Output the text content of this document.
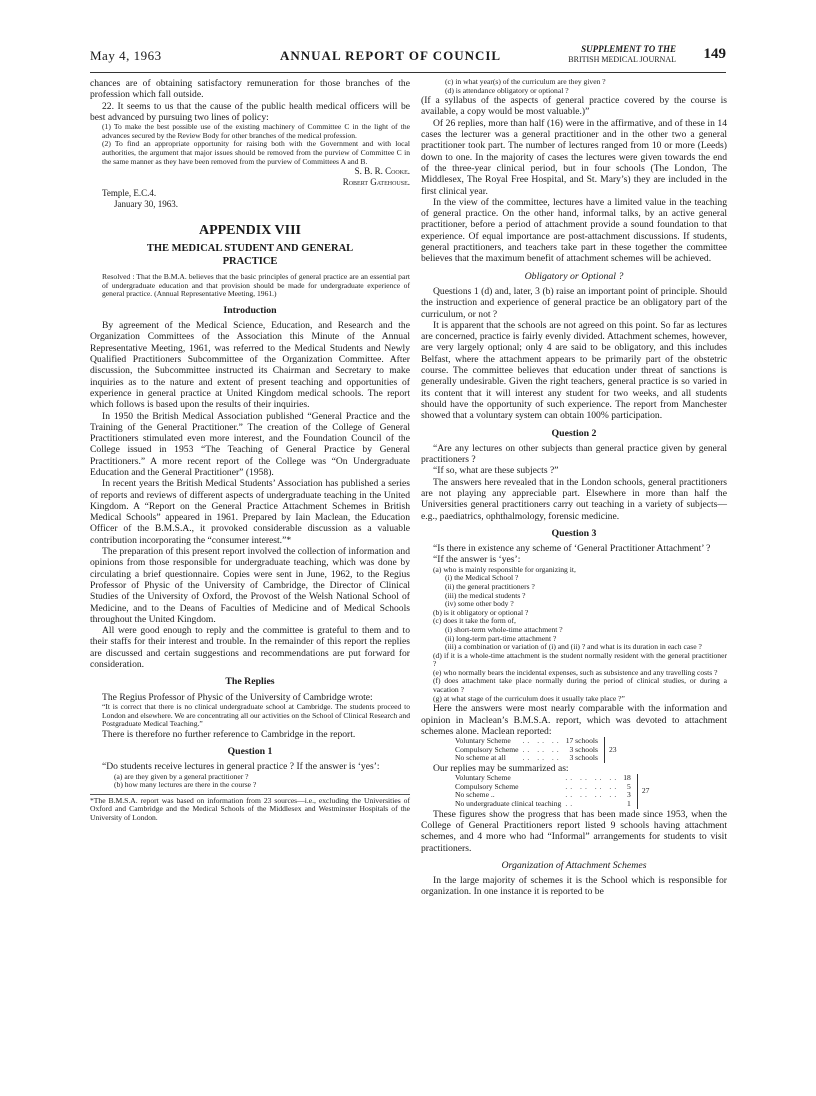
May 4, 1963	ANNUAL REPORT OF COUNCIL	SUPPLEMENT TO THE
BRITISH MEDICAL JOURNAL 149

chances are of obtaining satisfactory remuneration for those branches of the profession which fall outside.

22. It seems to us that the cause of the public health medical officers will be best advanced by pursuing two lines of policy:

(1) To make the best possible use of the existing machinery of Committee C in the light of the advances secured by the Review Body for other branches of the medical profession.

(2) To find an appropriate opportunity for raising both with the Government and with local authorities, the argument that major issues should be removed from the purview of Committee C in the same manner as they have been removed from the purview of Committees A and B.

S. B. R. Cooke.

Robert Gatehouse.

Temple, E.C.4.

January 30, 1963.

APPENDIX VIII
THE MEDICAL STUDENT AND GENERAL
PRACTICE

Resolved : That the B.M.A. believes that the basic principles of general practice are an essential part of undergraduate education and that provision should be made for undergraduate experience of general practice. (Annual Representative Meeting, 1961.)

Introduction

By agreement of the Medical Science, Education, and Research and the Organization Committees of the Association this Minute of the Annual Representative Meeting, 1961, was referred to the Medical Students and Newly Qualified Practitioners Subcommittee of the Organization Committee. After discussion, the Subcommittee instructed its Chairman and Secretary to make inquiries as to the nature and extent of present teaching and opportunities of experience in general practice at United Kingdom medical schools. The report which follows is based upon the results of their inquiries.

In 1950 the British Medical Association published “General Practice and the Training of the General Practitioner.” The creation of the College of General Practitioners stimulated even more interest, and the Foundation Council of the College issued in 1953 “The Teaching of General Practice by General Practitioners.” A more recent report of the College was “On Undergraduate Education and the General Practitioner” (1958).

In recent years the British Medical Students’ Association has published a series of reports and reviews of different aspects of undergraduate teaching in the United Kingdom. A “Report on the General Practice Attachment Schemes in British Medical Schools” appeared in 1961. Prepared by Iain Maclean, the Education Officer of the B.M.S.A., it provoked considerable discussion as a valuable contribution incorporating the “consumer interest.”*

The preparation of this present report involved the collection of information and opinions from those responsible for undergraduate teaching, which was done by circulating a brief questionnaire. Copies were sent in June, 1962, to the Regius Professor of Physic of the University of Cambridge, the Director of Clinical Studies of the University of Oxford, the Provost of the Welsh National School of Medicine, and to the Deans of Faculties of Medicine and of Medical Schools throughout the United Kingdom.

All were good enough to reply and the committee is grateful to them and to their staffs for their interest and trouble. In the remainder of this report the replies are discussed and certain suggestions and recommendations are put forward for consideration.

The Replies

The Regius Professor of Physic of the University of Cambridge wrote:

“It is correct that there is no clinical undergraduate school at Cambridge. The students proceed to London and elsewhere. We are concentrating all our activities on the School of Clinical Research and Postgraduate Medical Teaching.”

There is therefore no further reference to Cambridge in the report.

Question 1

“Do students receive lectures in general practice ? If the answer is ‘yes’:

(a) are they given by a general practitioner ?

(b) how many lectures are there in the course ?

*The B.M.S.A. report was based on information from 23 sources—i.e., excluding the Universities of Oxford and Cambridge and the Medical Schools of the Middlesex and Westminster Hospitals of the University of London.

(c) in what year(s) of the curriculum are they given ?

(d) is attendance obligatory or optional ?

(If a syllabus of the aspects of general practice covered by the course is available, a copy would be most valuable.)”

Of 26 replies, more than half (16) were in the affirmative, and of these in 14 cases the lecturer was a general practitioner and in the other two a general practitioner took part. The number of lectures ranged from 10 or more (Leeds) down to one. In the majority of cases the lectures were given towards the end of the three-year clinical period, but in four schools (The London, The Middlesex, The Royal Free Hospital, and St. Mary’s) they are included in the first clinical year.

In the view of the committee, lectures have a limited value in the teaching of general practice. On the other hand, informal talks, by an active general practitioner, before a period of attachment provide a sound foundation to that experience. Of equal importance are post-attachment discussions. If students, general practitioners, and teachers take part in these together the committee believes that the maximum benefit of attachment schemes will be achieved.

Obligatory or Optional ?

Questions 1 (d) and, later, 3 (b) raise an important point of principle. Should the instruction and experience of general practice be an obligatory part of the curriculum, or not ?

It is apparent that the schools are not agreed on this point. So far as lectures are concerned, practice is fairly evenly divided. Attachment schemes, however, are very largely optional; only 4 are said to be obligatory, and this includes Belfast, where the attachment appears to be primarily part of the obstetric course. The committee believes that education under threat of sanctions is generally undesirable. Given the right teachers, general practice is so varied in its content that it will interest any student for two weeks, and all students should have the opportunity of such experience. The report from Manchester showed that a voluntary system can obtain 100% participation.

Question 2

“Are any lectures on other subjects than general practice given by general practitioners ?

“If so, what are these subjects ?”

The answers here revealed that in the London schools, general practitioners are not playing any appreciable part. Elsewhere in more than half the Universities general practitioners carry out teaching in a variety of subjects—e.g., paediatrics, ophthalmology, forensic medicine.

Question 3

“Is there in existence any scheme of ‘General Practitioner Attachment’ ?

“If the answer is ‘yes’:

(a) who is mainly responsible for organizing it,

(i) the Medical School ?

(ii) the general practitioners ?

(iii) the medical students ?

(iv) some other body ?

(b) is it obligatory or optional ?

(c) does it take the form of,

(i) short-term whole-time attachment ?

(ii) long-term part-time attachment ?

(iii) a combination or variation of (i) and (ii) ? and what is its duration in each case ?

(d) if it is a whole-time attachment is the student normally resident with the general practitioner ?

(e) who normally bears the incidental expenses, such as subsistence and any travelling costs ?

(f) does attachment take place normally during the period of clinical studies, or during a vacation ?

(g) at what stage of the curriculum does it usually take place ?”

Here the answers were most nearly comparable with the information and opinion in Maclean’s B.M.S.A. report, which was devoted to attachment schemes alone. Maclean reported:

Voluntary Scheme	.. .. ..	17 schools		23
Compulsory Scheme	.. .. ..	3 schools		
No scheme at all	.. .. ..	3 schools		

Our replies may be summarized as:

Voluntary Scheme	.. .. .. ..	18		27
Compulsory Scheme	.. .. .. ..	5		
No scheme ..	.. .. .. ..	3		
No undergraduate clinical teaching	..	1		

These figures show the progress that has been made since 1953, when the College of General Practitioners report listed 9 schools having attachment schemes, and 4 more who had “Informal” arrangements for students to visit practitioners.

Organization of Attachment Schemes

In the large majority of schemes it is the School which is responsible for organization. In one instance it is reported to be
